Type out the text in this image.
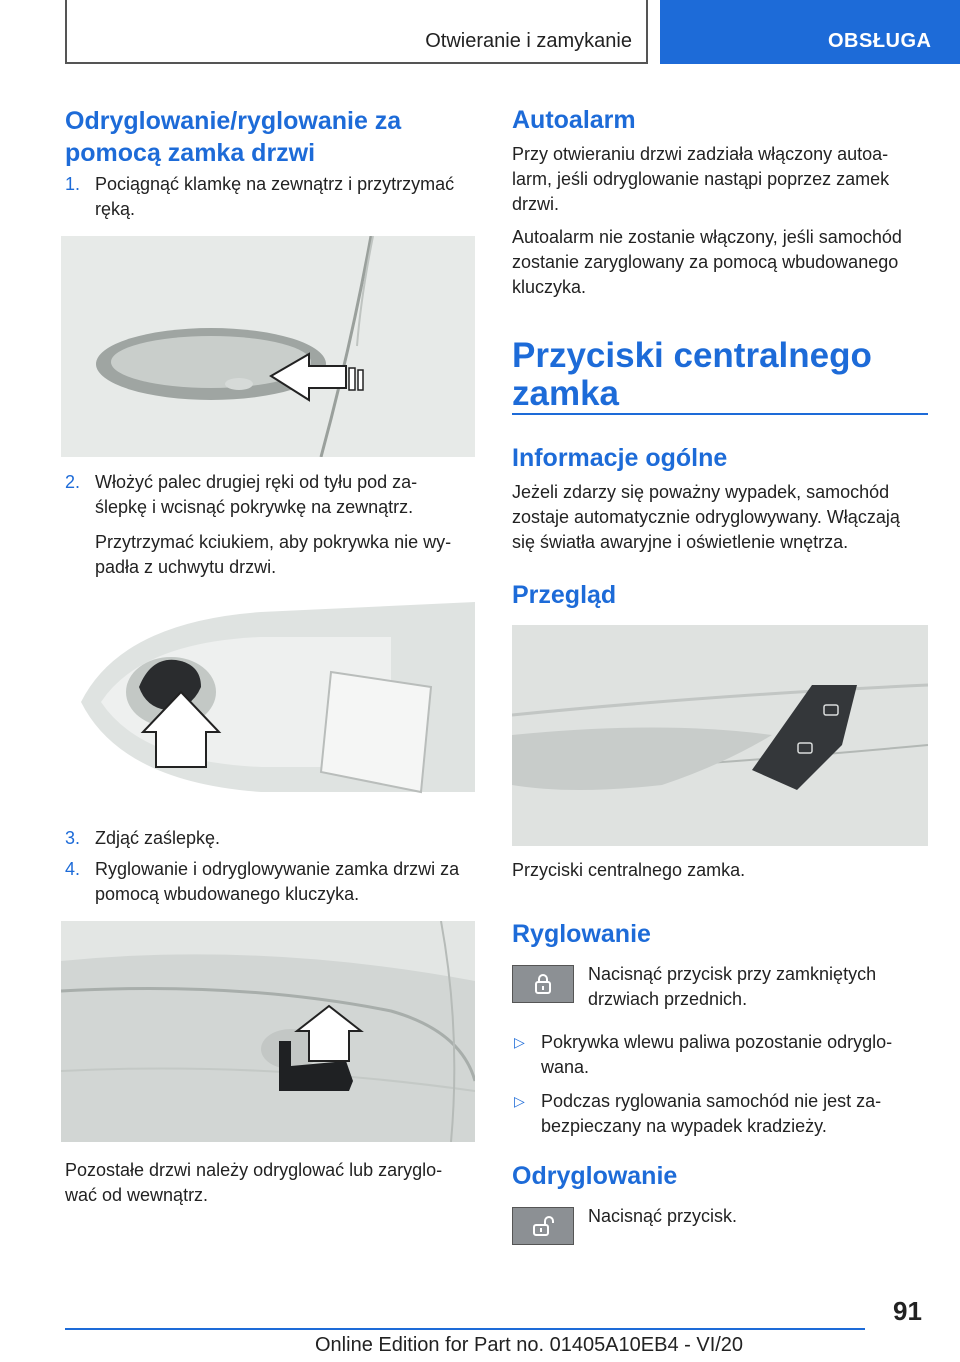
Otwieranie i zamykanie	OBSŁUGA
Odryglowanie/ryglowanie za pomocą zamka drzwi
1. Pociągnąć klamkę na zewnątrz i przytrzymać
ręką.
2. Włożyć palec drugiej ręki od tyłu pod za-
ślepkę i wcisnąć pokrywkę na zewnątrz.
Przytrzymać kciukiem, aby pokrywka nie wy-
padła z uchwytu drzwi.
3. Zdjąć zaślepkę.
4. Ryglowanie i odryglowywanie zamka drzwi za
pomocą wbudowanego kluczyka.
Pozostałe drzwi należy odryglować lub zaryglo-
wać od wewnątrz.
Autoalarm
Przy otwieraniu drzwi zadziała włączony autoa-
larm, jeśli odryglowanie nastąpi poprzez zamek
drzwi.
Autoalarm nie zostanie włączony, jeśli samochód
zostanie zaryglowany za pomocą wbudowanego
kluczyka.
Przyciski centralnego
zamka
Informacje ogólne
Jeżeli zdarzy się poważny wypadek, samochód
zostaje automatycznie odryglowywany. Włączają
się światła awaryjne i oświetlenie wnętrza.
Przegląd
Przyciski centralnego zamka.
Ryglowanie
Nacisnąć przycisk przy zamkniętych
drzwiach przednich.
▷ Pokrywka wlewu paliwa pozostanie odryglo-
wana.
▷ Podczas ryglowania samochód nie jest za-
bezpieczany na wypadek kradzieży.
Odryglowanie
Nacisnąć przycisk.
91
Online Edition for Part no. 01405A10EB4 - VI/20
